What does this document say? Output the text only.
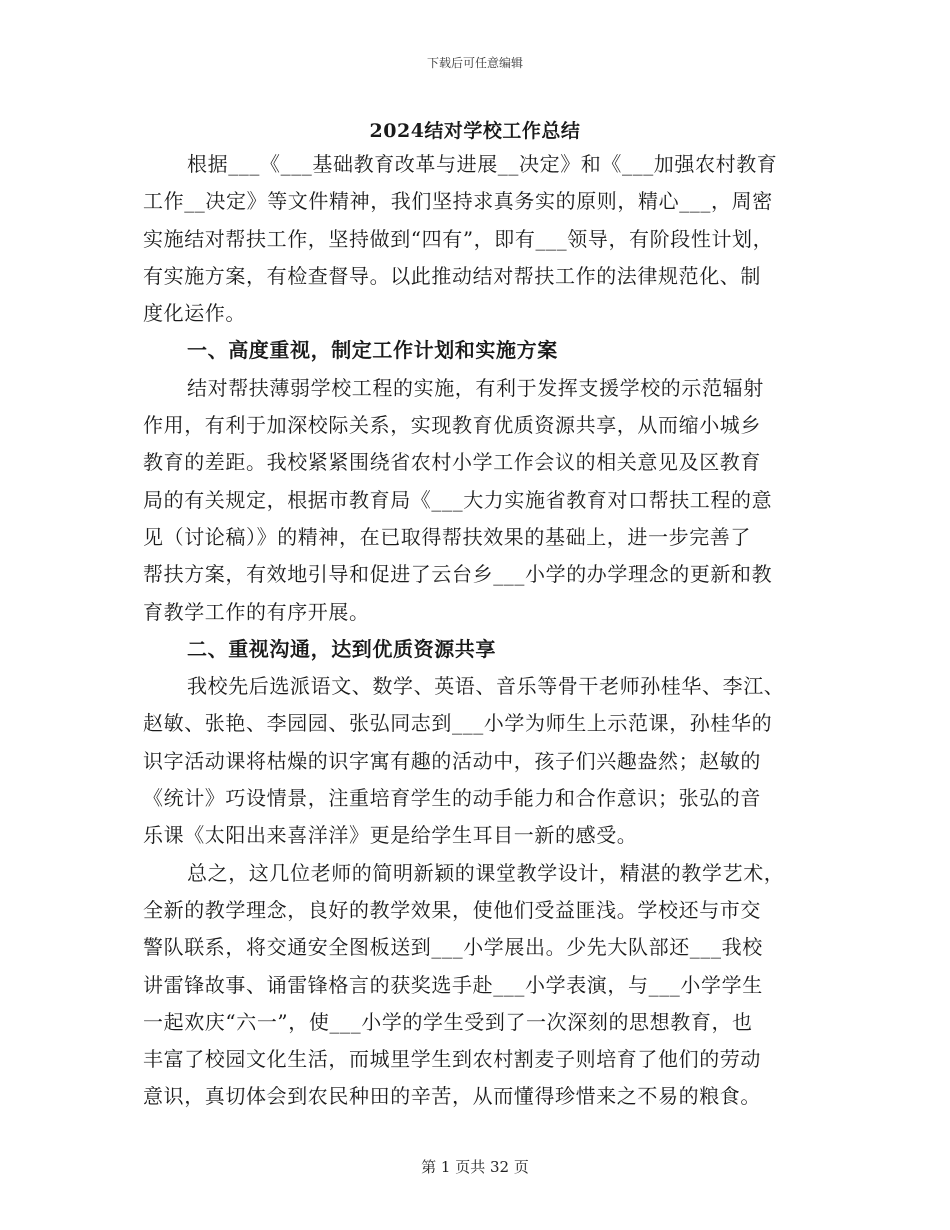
下载后可任意编辑
2024结对学校工作总结
根据___《___基础教育改革与进展__决定》和《___加强农村教育
工作__决定》等文件精神，我们坚持求真务实的原则，精心___，周密
实施结对帮扶工作，坚持做到“四有”，即有___领导，有阶段性计划，
有实施方案，有检查督导。以此推动结对帮扶工作的法律规范化、制
度化运作。
一、高度重视，制定工作计划和实施方案
结对帮扶薄弱学校工程的实施，有利于发挥支援学校的示范辐射
作用，有利于加深校际关系，实现教育优质资源共享，从而缩小城乡
教育的差距。我校紧紧围绕省农村小学工作会议的相关意见及区教育
局的有关规定，根据市教育局《___大力实施省教育对口帮扶工程的意
见（讨论稿）》的精神，在已取得帮扶效果的基础上，进一步完善了
帮扶方案，有效地引导和促进了云台乡___小学的办学理念的更新和教
育教学工作的有序开展。
二、重视沟通，达到优质资源共享
我校先后选派语文、数学、英语、音乐等骨干老师孙桂华、李江、
赵敏、张艳、李园园、张弘同志到___小学为师生上示范课，孙桂华的
识字活动课将枯燥的识字寓有趣的活动中，孩子们兴趣盎然；赵敏的
《统计》巧设情景，注重培育学生的动手能力和合作意识；张弘的音
乐课《太阳出来喜洋洋》更是给学生耳目一新的感受。
总之，这几位老师的简明新颖的课堂教学设计，精湛的教学艺术，
全新的教学理念，良好的教学效果，使他们受益匪浅。学校还与市交
警队联系，将交通安全图板送到___小学展出。少先大队部还___我校
讲雷锋故事、诵雷锋格言的获奖选手赴___小学表演，与___小学学生
一起欢庆“六一”，使___小学的学生受到了一次深刻的思想教育，也
丰富了校园文化生活，而城里学生到农村割麦子则培育了他们的劳动
意识，真切体会到农民种田的辛苦，从而懂得珍惜来之不易的粮食。
第 1 页共 32 页
